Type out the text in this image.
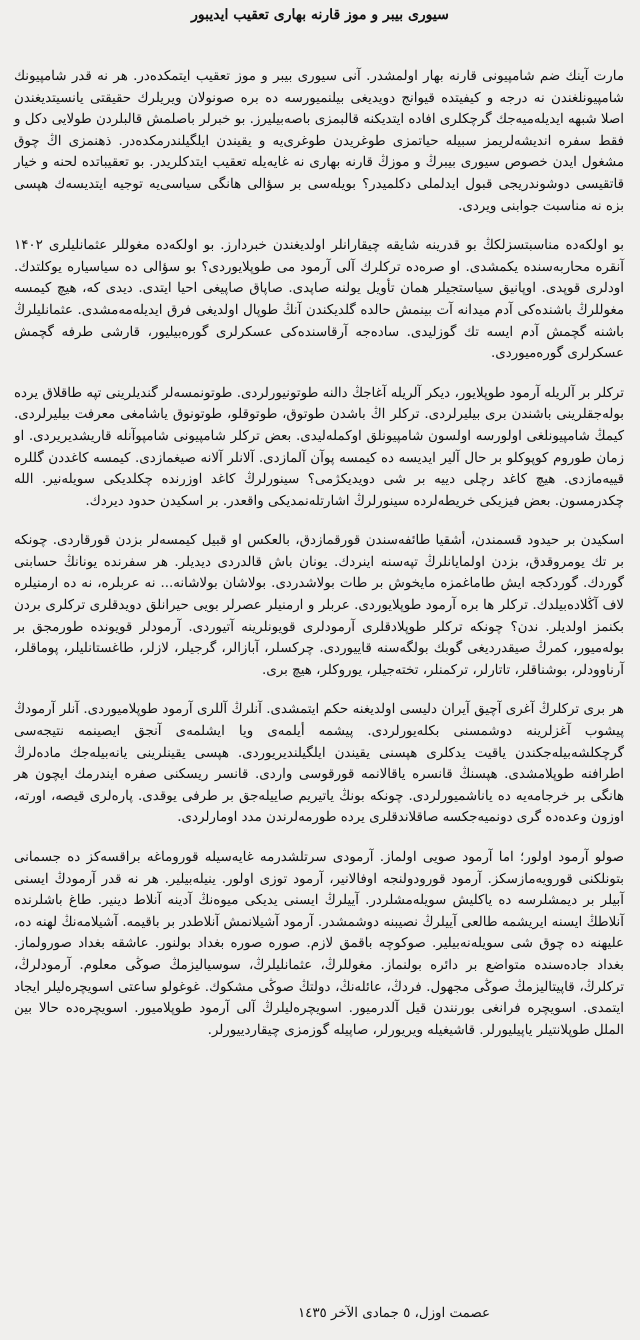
سیوری بیبر و موز قارنه بهاری تعقیب ایدیبور

مارت آینك ضم شامپیونی قارنه بهار اولمشدر. آنی سیوری بیبر و موز تعقیب ایتمكده‌در. هر نه قدر شامپیونك شامپیونلغندن نه درجه و كیفیتده قیوانج دویدیغی بیلنمیورسه ده بره صونولان ویریلرك حقیقتی یانسیتدیغندن اصلا شبهه ایدیله‌میه‌جك گرچكلری افاده ایتدیكنه قالبمزی باصه‌بیلیرز. بو خبرلر باصلمش قالبلردن طولایی دكل و فقط سفره اندیشه‌لریمز سبیله حیاتمزی طوغریدن طوغری‌یه و یقیندن ایلگیلندرمكده‌در. ذهنمزی اڭ چوق مشغول ایدن خصوص سیوری بیبرڭ و موزڭ قارنه بهاری نه غایه‌یله تعقیب ایتدكلریدر. بو تعقیباتده لحنه و خیار قاتقیسی دوشوندریجی قبول ایدلملی دكلمیدر؟ بویله‌سی بر سؤالی هانگی سیاسی‌یه توجیه ایتدیسه‌ك هپسی بزه نه مناسبت جوابنی ویردی.

بو اولكه‌ده مناسبتسزلكڭ بو قدرینه شایقه چیقارانلر اولدیغندن خبردارز. بو اولكه‌ده مغوللر عثمانلیلری ۱۴۰۲ آنقره محاربه‌سنده یكمشدی. او صره‌ده تركلرك آلی آرمود می طوپلایوردی؟ بو سؤالی ده سیاسیاره یوكلتدك. اودلری قوپدی. اوپانیق سیاستجیلر همان تأویل یولنه صاپدی. صاپاق صاپیغی احیا ایتدی. دیدی كه، هیچ كیمسه مغوللرڭ باشنده‌كی آدم میدانه آت بینمش حالده گلدیكندن آنڭ طوپال اولدیغی فرق ایدیله‌مه‌مشدی. عثمانلیلرڭ باشنه گچمش آدم ایسه تك گوزلیدی. ساده‌جه آرقاسنده‌كی عسكرلری گوره‌بیلیور، قارشی طرفه گچمش عسكرلری گوره‌میوردی.

تركلر بر آلریله آرمود طوپلایور، دیكر آلریله آغاجڭ دالنه طوتونیورلردی. طوتونمسه‌لر گندیلرینی تپه طاقلاق یرده بوله‌جقلرینی باشندن بری بیلیرلردی. تركلر اڭ باشدن طوتوق، طوتوقلو، طوتونوق یاشامغی معرفت بیلیرلردی. كیمڭ شامپیونلغی اولورسه اولسون شامپیونلق اوكمله‌لیدی. بعض تركلر شامپیونی شامپوآنله قاریشدیریردی. او زمان طوروم كوپوكلو بر حال آلیر ایدیسه ده كیمسه پوآن آلمازدی. آلانلر آلانه صیغمازدی. كیمسه كاغددن گللره قییه‌مازدی. هیچ كاغد رچلی دییه بر شی دویدیكژمی؟ سینورلرڭ كاغد اوزرنده چكلدیكی سویله‌نیر. الله چكدرمسون. بعض فیزیكی خریطه‌لرده سینورلرڭ اشارتله‌نمدیكی واقعدر. بر اسكیدن حدود دیردك.

اسكیدن بر حیدود قسمندن، أشقیا طائفه‌سندن قورقمازدق، بالعكس او قبیل كیمسه‌لر بزدن قورقاردی. چونكه بر تك یومروقدق، بزدن اولمایانلرڭ تپه‌سنه اینردك. یونان باش قالدردی دیدیلر. هر سفرنده یونانڭ حسابنی گوردك. گوردكجه ایش طاماغمزه مایخوش بر طات بولاشدردی. بولاشان بولاشانه... نه عربلره، نه ده ارمنیلره لاف آڭلاده‌بیلدك. تركلر ها بره آرمود طوپلایوردی. عربلر و ارمنیلر عصرلر بویی حیرانلق دویدقلری تركلری بردن بكنمز اولدیلر. ندن؟ چونكه تركلر طوپلادقلری آرمودلری قویونلرینه آتیوردی. آرمودلر قویونده طورمجق بر بوله‌میور، كمرڭ صیقدردیغی گوبك بولگه‌سنه قاییوردی. چركسلر، آبازالر، گرجیلر، لازلر، طاغستانلیلر، پوماقلر، آرناوودلر، بوشناقلر، تاتارلر، تركمنلر، تخته‌جیلر، یوروكلر، هیچ بری.

هر بری تركلرڭ آغری آچیق آیران دلیسی اولدیغنه حكم ایتمشدی. آنلرڭ آللری آرمود طوپلامیوردی. آنلر آرمودڭ پیشوب آغزلرینه دوشمسنی بكله‌یورلردی. پیشمه أیلمه‌ی ویا ایشلمه‌ی آنجق ایصینمه نتیجه‌سی گرچكلشه‌بیله‌جكندن یاقیت یدكلری هپسنی یقیندن ایلگیلندیریوردی. هپسی یقینلرینی یانه‌بیله‌جك ماده‌لرڭ اطرافنه طوپلامشدی. هپسنڭ قانسره یاقالانمه قورقوسی واردی. قانسر ریسكنی صفره ایندرمك ایچون هر هانگی بر خرجامه‌یه ده یاناشمیورلردی. چونكه بونڭ یاتیریم صاییله‌جق بر طرفی یوقدی. پاره‌لری قیصه، اورته، اوزون وعده‌ده گری دونمیه‌جكسه صاقلاندقلری یرده طورمه‌لرندن مدد اومارلردی.

صولو آرمود اولور؛ اما آرمود صویی اولماز. آرمودی سرتلشدرمه غایه‌سیله قوروماغه براقسه‌كز ده جسمانی بتونلكنی قورویه‌مازسكز. آرمود قورودولنجه اوفالانیر، آرمود توزی اولور. ینیله‌بیلیر. هر نه قدر آرمودڭ ایسنی آبیلر بر دیمشلرسه ده یاكلیش سویله‌مشلردر. آییلرڭ ایسنی یدیكی میوه‌نڭ آدینه آنلاط دینیر. طاغ باشلرنده آنلاطڭ ایسنه ایریشمه طالعی آییلرڭ نصیبنه دوشمشدر. آرمود آشیلانمش آنلاطدر بر باقیمه. آشیلامه‌نڭ لهنه ده، علیهنه ده چوق شی سویله‌نه‌بیلیر. صوكوچه باقمق لازم. صوره صوره بغداد بولنور. عاشقه بغداد صورولماز. بغداد جاده‌سنده متواضع بر دائره بولنماز. مغوللرڭ، عثمانلیلرڭ، سوسیالیزمڭ صوڭی معلوم. آرمودلرڭ، تركلرڭ، قاپیتالیزمڭ صوڭی مجهول. فردڭ، عائله‌نڭ، دولتڭ صوڭی مشكوك. غوغولو ساعتی اسویچره‌لیلر ایجاد ایتمدی. اسویچره فرانغی بورنندن قیل آلدرمیور. اسویچره‌لیلرڭ آلی آرمود طوپلامیور. اسویچره‌ده حالا بین الملل طوپلانتیلر یاپیلیورلر. قاشیغیله ویریورلر، صاپیله گوزمزی چیقاردییورلر.

عصمت اوزل، ٥ جمادی الآخر ١٤٣٥
